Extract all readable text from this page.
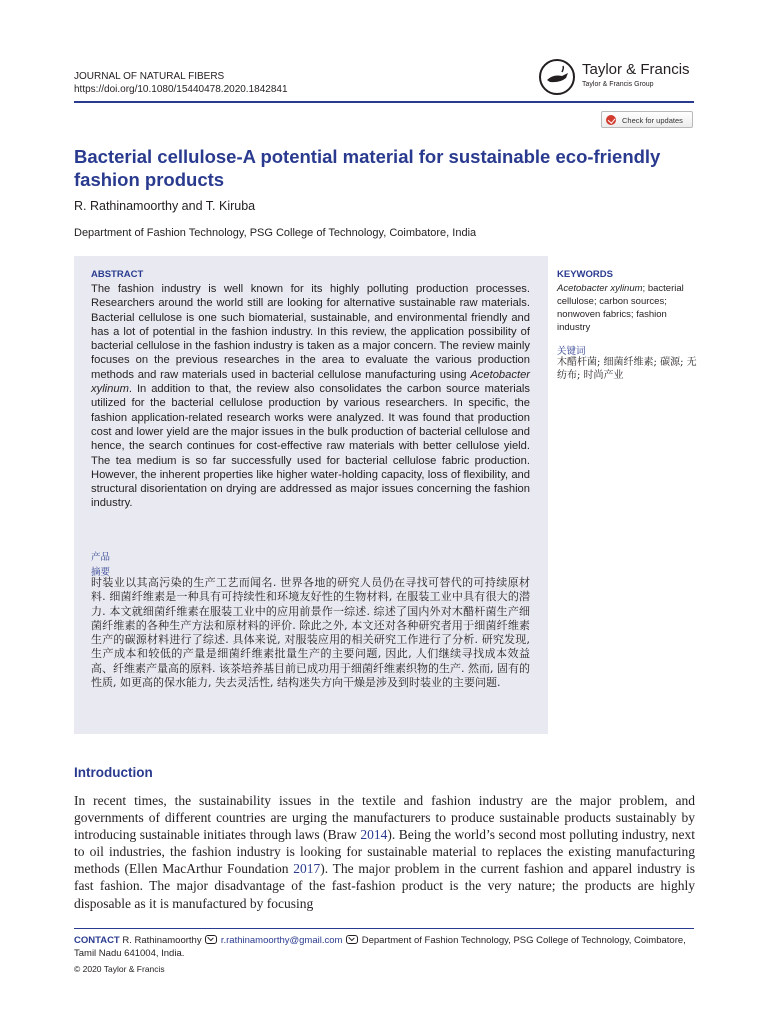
JOURNAL OF NATURAL FIBERS
https://doi.org/10.1080/15440478.2020.1842841
Taylor & Francis
Taylor & Francis Group
Check for updates
Bacterial cellulose-A potential material for sustainable eco-friendly fashion products
R. Rathinamoorthy and T. Kiruba
Department of Fashion Technology, PSG College of Technology, Coimbatore, India
ABSTRACT
The fashion industry is well known for its highly polluting production processes. Researchers around the world still are looking for alternative sustainable raw materials. Bacterial cellulose is one such biomaterial, sustainable, and environmental friendly and has a lot of potential in the fashion industry. In this review, the application possibility of bacterial cellulose in the fashion industry is taken as a major concern. The review mainly focuses on the previous researches in the area to evaluate the various production methods and raw materials used in bacterial cellulose manufacturing using Acetobacter xylinum. In addition to that, the review also consolidates the carbon source materials utilized for the bacterial cellulose production by various researchers. In specific, the fashion application-related research works were analyzed. It was found that production cost and lower yield are the major issues in the bulk production of bacterial cellulose and hence, the search continues for cost-effective raw materials with better cellulose yield. The tea medium is so far successfully used for bacterial cellulose fabric production. However, the inherent properties like higher water-holding capacity, loss of flexibility, and structural disorientation on drying are addressed as major issues concerning the fashion industry.
产品
摘要
时装业以其高污染的生产工艺而闻名. 世界各地的研究人员仍在寻找可替代的可持续原材料. 细菌纤维素是一种具有可持续性和环境友好性的生物材料, 在服装工业中具有很大的潜力. 本文就细菌纤维素在服装工业中的应用前景作一综述. 综述了国内外对木醋杆菌生产细菌纤维素的各种生产方法和原材料的评价. 除此之外, 本文还对各种研究者用于细菌纤维素生产的碳源材料进行了综述. 具体来说, 对服装应用的相关研究工作进行了分析. 研究发现, 生产成本和较低的产量是细菌纤维素批量生产的主要问题, 因此, 人们继续寻找成本效益高、纤维素产量高的原料. 该茶培养基目前已成功用于细菌纤维素织物的生产. 然而, 固有的性质, 如更高的保水能力, 失去灵活性, 结构迷失方向干燥是涉及到时装业的主要问题.
KEYWORDS
Acetobacter xylinum; bacterial cellulose; carbon sources; nonwoven fabrics; fashion industry
关键词
木醋杆菌; 细菌纤维素; 碳源; 无纺布; 时尚产业
Introduction
In recent times, the sustainability issues in the textile and fashion industry are the major problem, and governments of different countries are urging the manufacturers to produce sustainable products sustainably by introducing sustainable initiates through laws (Braw 2014). Being the world’s second most polluting industry, next to oil industries, the fashion industry is looking for sustainable material to replaces the existing manufacturing methods (Ellen MacArthur Foundation 2017). The major problem in the current fashion and apparel industry is fast fashion. The major disadvantage of the fast-fashion product is the very nature; the products are highly disposable as it is manufactured by focusing
CONTACT R. Rathinamoorthy  r.rathinamoorthy@gmail.com  Department of Fashion Technology, PSG College of Technology, Coimbatore, Tamil Nadu 641004, India.
© 2020 Taylor & Francis
